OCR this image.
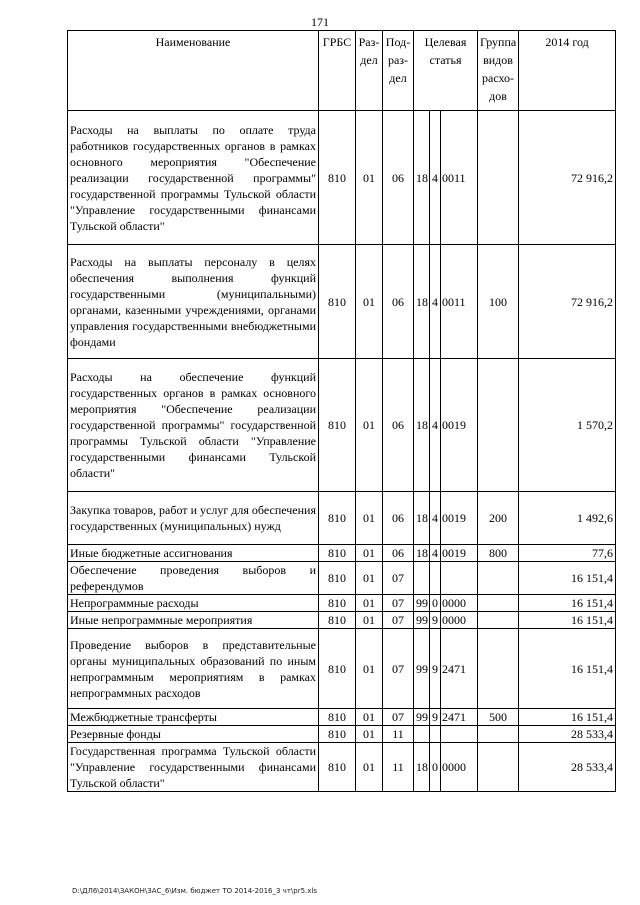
171
Наименование	ГРБС	Раз-дел	Под-раз-дел	Целевая статья			Группа видов расхо-дов	2014 год
Расходы на выплаты по оплате труда работников государственных органов в рамках основного мероприятия "Обеспечение реализации государственной программы" государственной программы Тульской области "Управление государственными финансами Тульской области"	810	01	06	18	4	0011		72 916,2
Расходы на выплаты персоналу в целях обеспечения выполнения функций государственными (муниципальными) органами, казенными учреждениями, органами управления государственными внебюджетными фондами	810	01	06	18	4	0011	100	72 916,2
Расходы на обеспечение функций государственных органов в рамках основного мероприятия "Обеспечение реализации государственной программы" государственной программы Тульской области "Управление государственными финансами Тульской области"	810	01	06	18	4	0019		1 570,2
Закупка товаров, работ и услуг для обеспечения государственных (муниципальных) нужд	810	01	06	18	4	0019	200	1 492,6
Иные бюджетные ассигнования	810	01	06	18	4	0019	800	77,6
Обеспечение проведения выборов и референдумов	810	01	07					16 151,4
Непрограммные расходы	810	01	07	99	0	0000		16 151,4
Иные непрограммные мероприятия	810	01	07	99	9	0000		16 151,4
Проведение выборов в представительные органы муниципальных образований по иным непрограммным мероприятиям в рамках непрограммных расходов	810	01	07	99	9	2471		16 151,4
Межбюджетные трансферты	810	01	07	99	9	2471	500	16 151,4
Резервные фонды	810	01	11					28 533,4
Государственная программа Тульской области "Управление государственными финансами Тульской области"	810	01	11	18	0	0000		28 533,4
D:\ДЛ6\2014\ЗАКОН\ЗАС_6\Изм. бюджет ТО 2014-2016_3 чт\pr5.xls
